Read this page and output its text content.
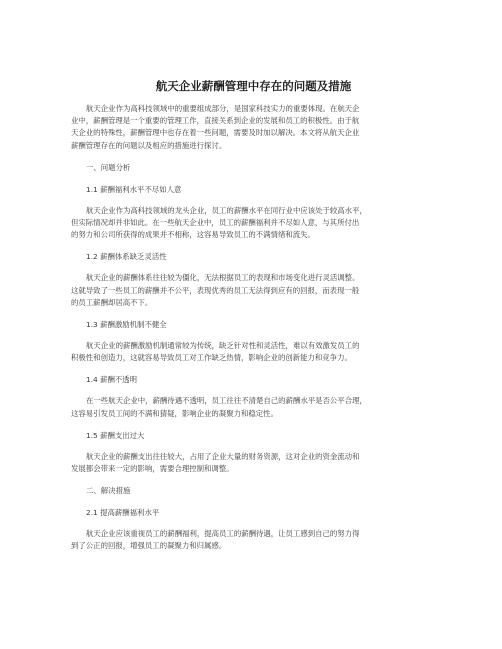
航天企业薪酬管理中存在的问题及措施
航天企业作为高科技领域中的重要组成部分，是国家科技实力的重要体现。在航天企
业中，薪酬管理是一个重要的管理工作，直接关系到企业的发展和员工的积极性。由于航
天企业的特殊性，薪酬管理中也存在着一些问题，需要及时加以解决。本文将从航天企业
薪酬管理存在的问题以及相应的措施进行探讨。
一、问题分析
1.1 薪酬福利水平不尽如人意
航天企业作为高科技领域的龙头企业，员工的薪酬水平在同行业中应该处于较高水平，
但实际情况却并非如此。在一些航天企业中，员工的薪酬福利并不尽如人意，与其所付出
的努力和公司所获得的成果并不相称，这容易导致员工的不满情绪和流失。
1.2 薪酬体系缺乏灵活性
航天企业的薪酬体系往往较为僵化，无法根据员工的表现和市场变化进行灵活调整。
这就导致了一些员工的薪酬并不公平，表现优秀的员工无法得到应有的回报，而表现一般
的员工薪酬却居高不下。
1.3 薪酬激励机制不健全
航天企业的薪酬激励机制通常较为传统，缺乏针对性和灵活性，难以有效激发员工的
积极性和创造力，这就容易导致员工对工作缺乏热情，影响企业的创新能力和竞争力。
1.4 薪酬不透明
在一些航天企业中，薪酬待遇不透明，员工往往不清楚自己的薪酬水平是否公平合理，
这容易引发员工间的不满和猜疑，影响企业的凝聚力和稳定性。
1.5 薪酬支出过大
航天企业的薪酬支出往往较大，占用了企业大量的财务资源，这对企业的资金流动和
发展都会带来一定的影响，需要合理控制和调整。
二、解决措施
2.1 提高薪酬福利水平
航天企业应该重视员工的薪酬福利，提高员工的薪酬待遇，让员工感到自己的努力得
到了公正的回报，增强员工的凝聚力和归属感。
